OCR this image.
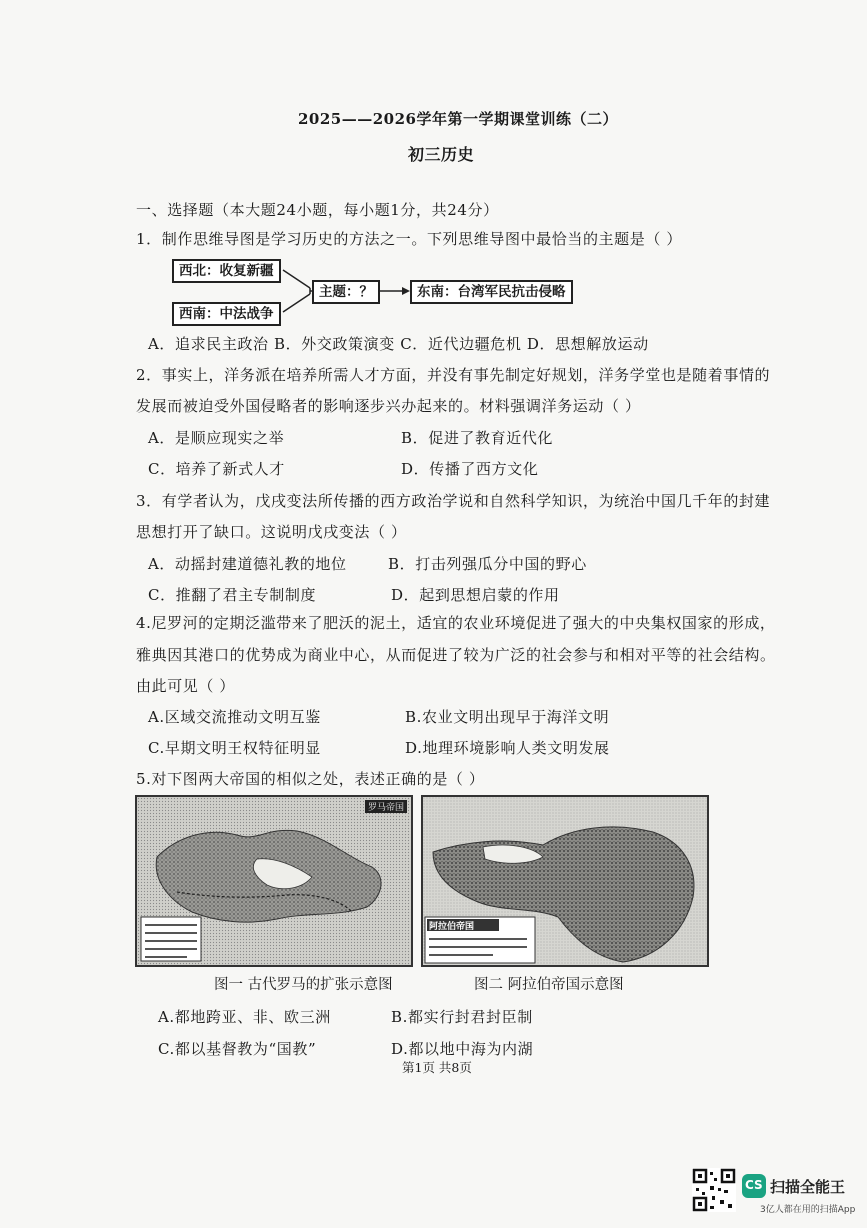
2025——2026学年第一学期课堂训练（二）
初三历史
一、选择题（本大题24小题，每小题1分，共24分）
1．制作思维导图是学习历史的方法之一。下列思维导图中最恰当的主题是（ ）
西北：收复新疆
西南：中法战争
主题：？	东南：台湾军民抗击侵略
A．追求民主政治 B．外交政策演变 C．近代边疆危机 D．思想解放运动
2．事实上，洋务派在培养所需人才方面，并没有事先制定好规划，洋务学堂也是随着事情的
发展而被迫受外国侵略者的影响逐步兴办起来的。材料强调洋务运动（ ）
A．是顺应现实之举	B．促进了教育近代化
C．培养了新式人才	D．传播了西方文化
3．有学者认为，戊戌变法所传播的西方政治学说和自然科学知识，为统治中国几千年的封建
思想打开了缺口。这说明戊戌变法（ ）
A．动摇封建道德礼教的地位	B．打击列强瓜分中国的野心
C．推翻了君主专制制度	D．起到思想启蒙的作用
4.尼罗河的定期泛滥带来了肥沃的泥土，适宜的农业环境促进了强大的中央集权国家的形成，
雅典因其港口的优势成为商业中心，从而促进了较为广泛的社会参与和相对平等的社会结构。
由此可见（ ）
A.区域交流推动文明互鉴	B.农业文明出现早于海洋文明
C.早期文明王权特征明显	D.地理环境影响人类文明发展
5.对下图两大帝国的相似之处，表述正确的是（ ）
罗马帝国
阿拉伯帝国
图一 古代罗马的扩张示意图	图二 阿拉伯帝国示意图
A.都地跨亚、非、欧三洲	B.都实行封君封臣制
C.都以基督教为“国教”	D.都以地中海为内湖
第1页 共8页
CS 扫描全能王
3亿人都在用的扫描App
